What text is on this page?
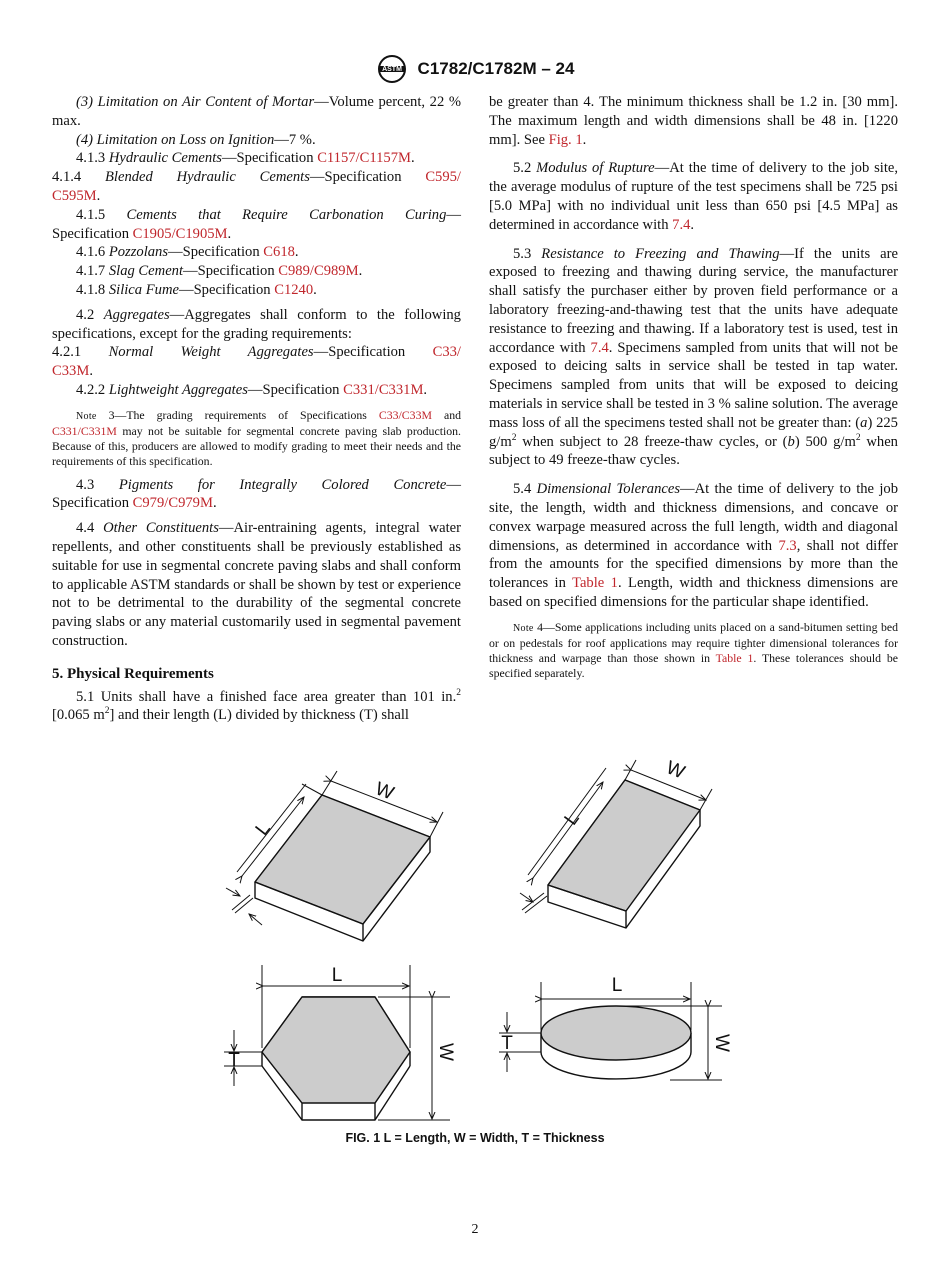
ASTM C1782/C1782M – 24

(3) Limitation on Air Content of Mortar—Volume percent, 22 % max.

(4) Limitation on Loss on Ignition—7 %.

4.1.3 Hydraulic Cements—Specification C1157/C1157M.

4.1.4 Blended Hydraulic Cements—Specification C595/

C595M.

4.1.5 Cements that Require Carbonation Curing—

Specification C1905/C1905M.

4.1.6 Pozzolans—Specification C618.

4.1.7 Slag Cement—Specification C989/C989M.

4.1.8 Silica Fume—Specification C1240.

4.2 Aggregates—Aggregates shall conform to the following specifications, except for the grading requirements:

4.2.1 Normal Weight Aggregates—Specification C33/

C33M.

4.2.2 Lightweight Aggregates—Specification C331/C331M.

Note 3—The grading requirements of Specifications C33/C33M and C331/C331M may not be suitable for segmental concrete paving slab production. Because of this, producers are allowed to modify grading to meet their needs and the requirements of this specification.

4.3 Pigments for Integrally Colored Concrete—

Specification C979/C979M.

4.4 Other Constituents—Air-entraining agents, integral water repellents, and other constituents shall be previously established as suitable for use in segmental concrete paving slabs and shall conform to applicable ASTM standards or shall be shown by test or experience not to be detrimental to the durability of the segmental concrete paving slabs or any material customarily used in segmental pavement construction.

5. Physical Requirements

5.1 Units shall have a finished face area greater than 101 in.$^2$ [0.065 $m^2$] and their length (L) divided by thickness (T) shall

be greater than 4. The minimum thickness shall be 1.2 in. [30 mm]. The maximum length and width dimensions shall be 48 in. [1220 mm]. See Fig. 1.

5.2 Modulus of Rupture—At the time of delivery to the job site, the average modulus of rupture of the test specimens shall be 725 psi [5.0 MPa] with no individual unit less than 650 psi [4.5 MPa] as determined in accordance with 7.4.

5.3 Resistance to Freezing and Thawing—If the units are exposed to freezing and thawing during service, the manufacturer shall satisfy the purchaser either by proven field performance or a laboratory freezing-and-thawing test that the units have adequate resistance to freezing and thawing. If a laboratory test is used, test in accordance with 7.4. Specimens sampled from units that will not be exposed to deicing salts in service shall be tested in tap water. Specimens sampled from units that will be exposed to deicing materials in service shall be tested in 3 % saline solution. The average mass loss of all the specimens tested shall not be greater than: (a) 225 $g/m^2$ when subject to 28 freeze-thaw cycles, or (b) 500 $g/m^2$ when subject to 49 freeze-thaw cycles.

5.4 Dimensional Tolerances—At the time of delivery to the job site, the length, width and thickness dimensions, and concave or convex warpage measured across the full length, width and diagonal dimensions, as determined in accordance with 7.3, shall not differ from the amounts for the specified dimensions by more than the tolerances in Table 1. Length, width and thickness dimensions are based on specified dimensions for the particular shape identified.

Note 4—Some applications including units placed on a sand-bitumen setting bed or on pedestals for roof applications may require tighter dimensional tolerances for thickness and warpage than those shown in Table 1. These tolerances should be specified separately.

L
W
L
W
L
W
T
L
W
T
FIG. 1 L = Length, W = Width, T = Thickness
2
